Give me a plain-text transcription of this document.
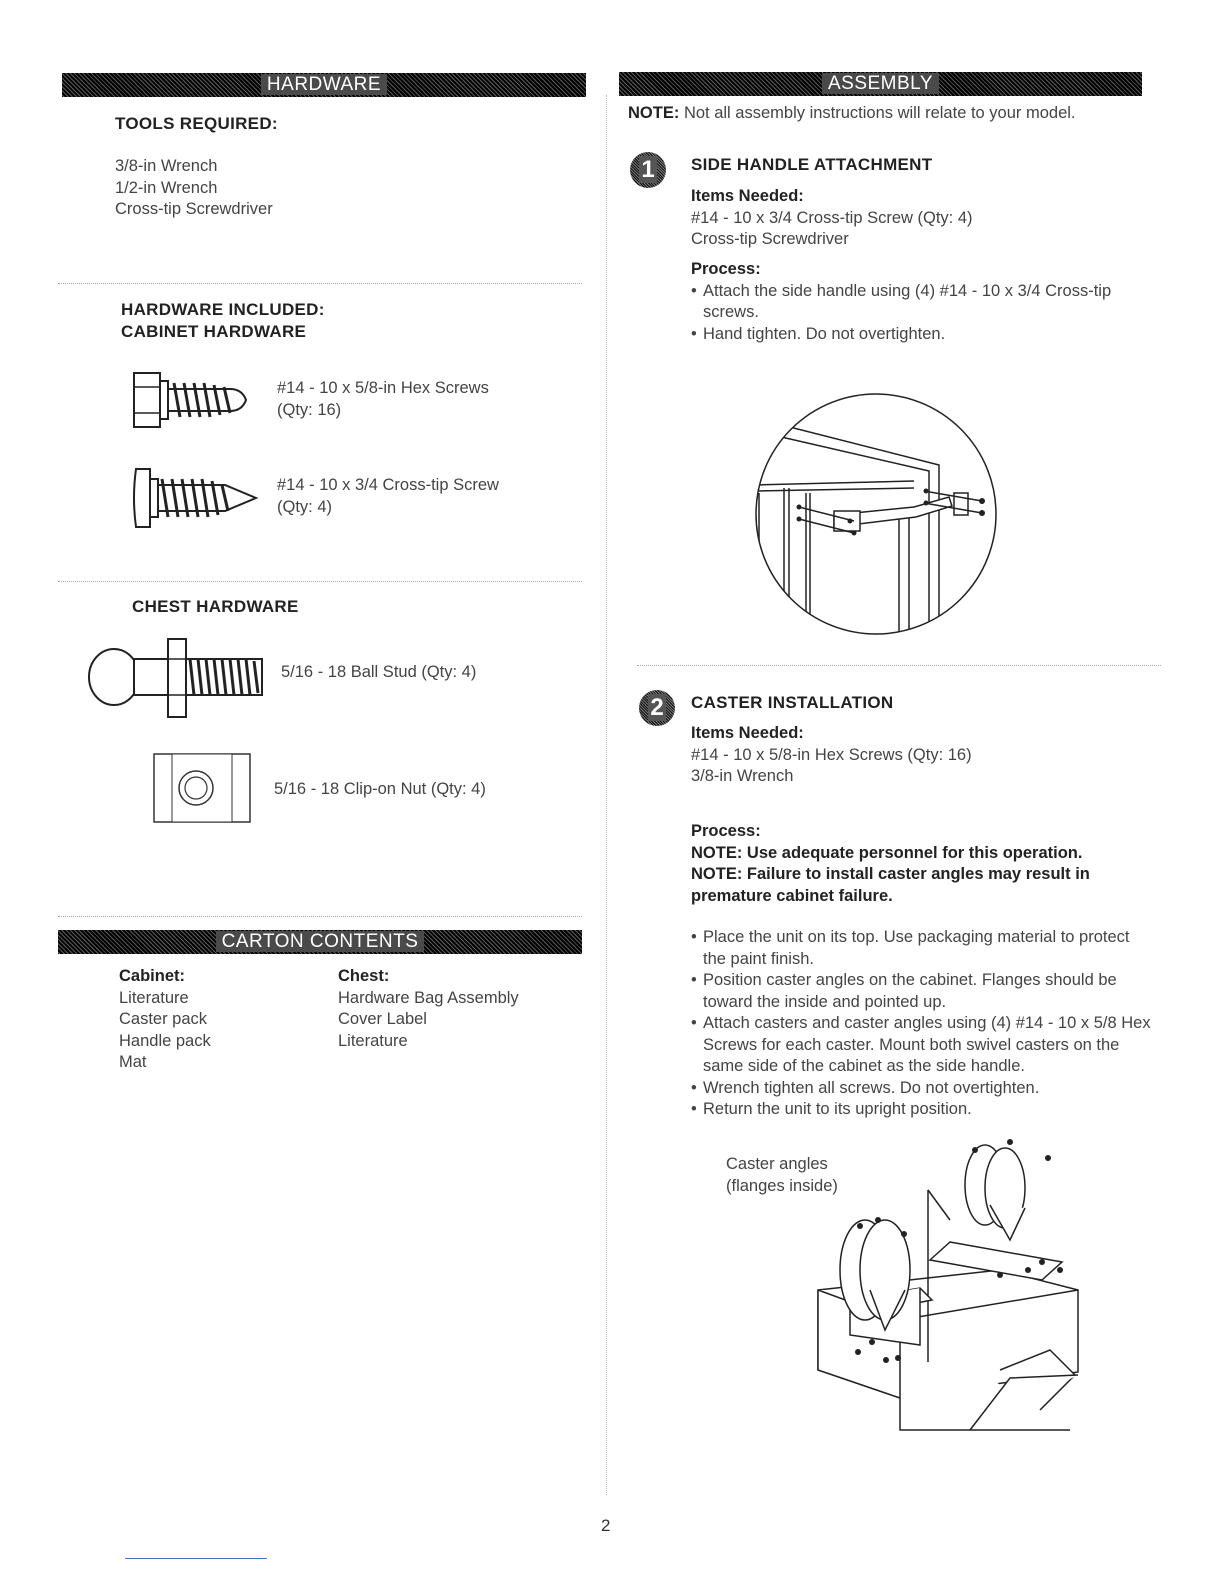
HARDWARE
TOOLS REQUIRED:
3/8-in Wrench
1/2-in Wrench
Cross-tip Screwdriver
HARDWARE INCLUDED:
CABINET HARDWARE
#14 - 10 x 5/8-in Hex Screws
(Qty: 16)
#14 - 10 x 3/4 Cross-tip Screw
(Qty: 4)
CHEST HARDWARE
5/16 - 18 Ball Stud (Qty: 4)
5/16 - 18 Clip-on Nut (Qty: 4)
CARTON CONTENTS
Cabinet:
Literature
Caster pack
Handle pack
Mat
Chest:
Hardware Bag Assembly
Cover Label
Literature
ASSEMBLY
NOTE: Not all assembly instructions will relate to your model.
1	SIDE HANDLE ATTACHMENT
Items Needed:
#14 - 10 x 3/4 Cross-tip Screw (Qty: 4)
Cross-tip Screwdriver
Process:
• Attach the side handle using (4) #14 - 10 x 3/4 Cross-tip screws.
• Hand tighten. Do not overtighten.
2	CASTER INSTALLATION
Items Needed:
#14 - 10 x 5/8-in Hex Screws (Qty: 16)
3/8-in Wrench
Process:
NOTE: Use adequate personnel for this operation.
NOTE: Failure to install caster angles may result in premature cabinet failure.
• Place the unit on its top. Use packaging material to protect the paint finish.
• Position caster angles on the cabinet. Flanges should be toward the inside and pointed up.
• Attach casters and caster angles using (4) #14 - 10 x 5/8 Hex Screws for each caster. Mount both swivel casters on the same side of the cabinet as the side handle.
• Wrench tighten all screws. Do not overtighten.
• Return the unit to its upright position.
Caster angles
(flanges inside)
2
